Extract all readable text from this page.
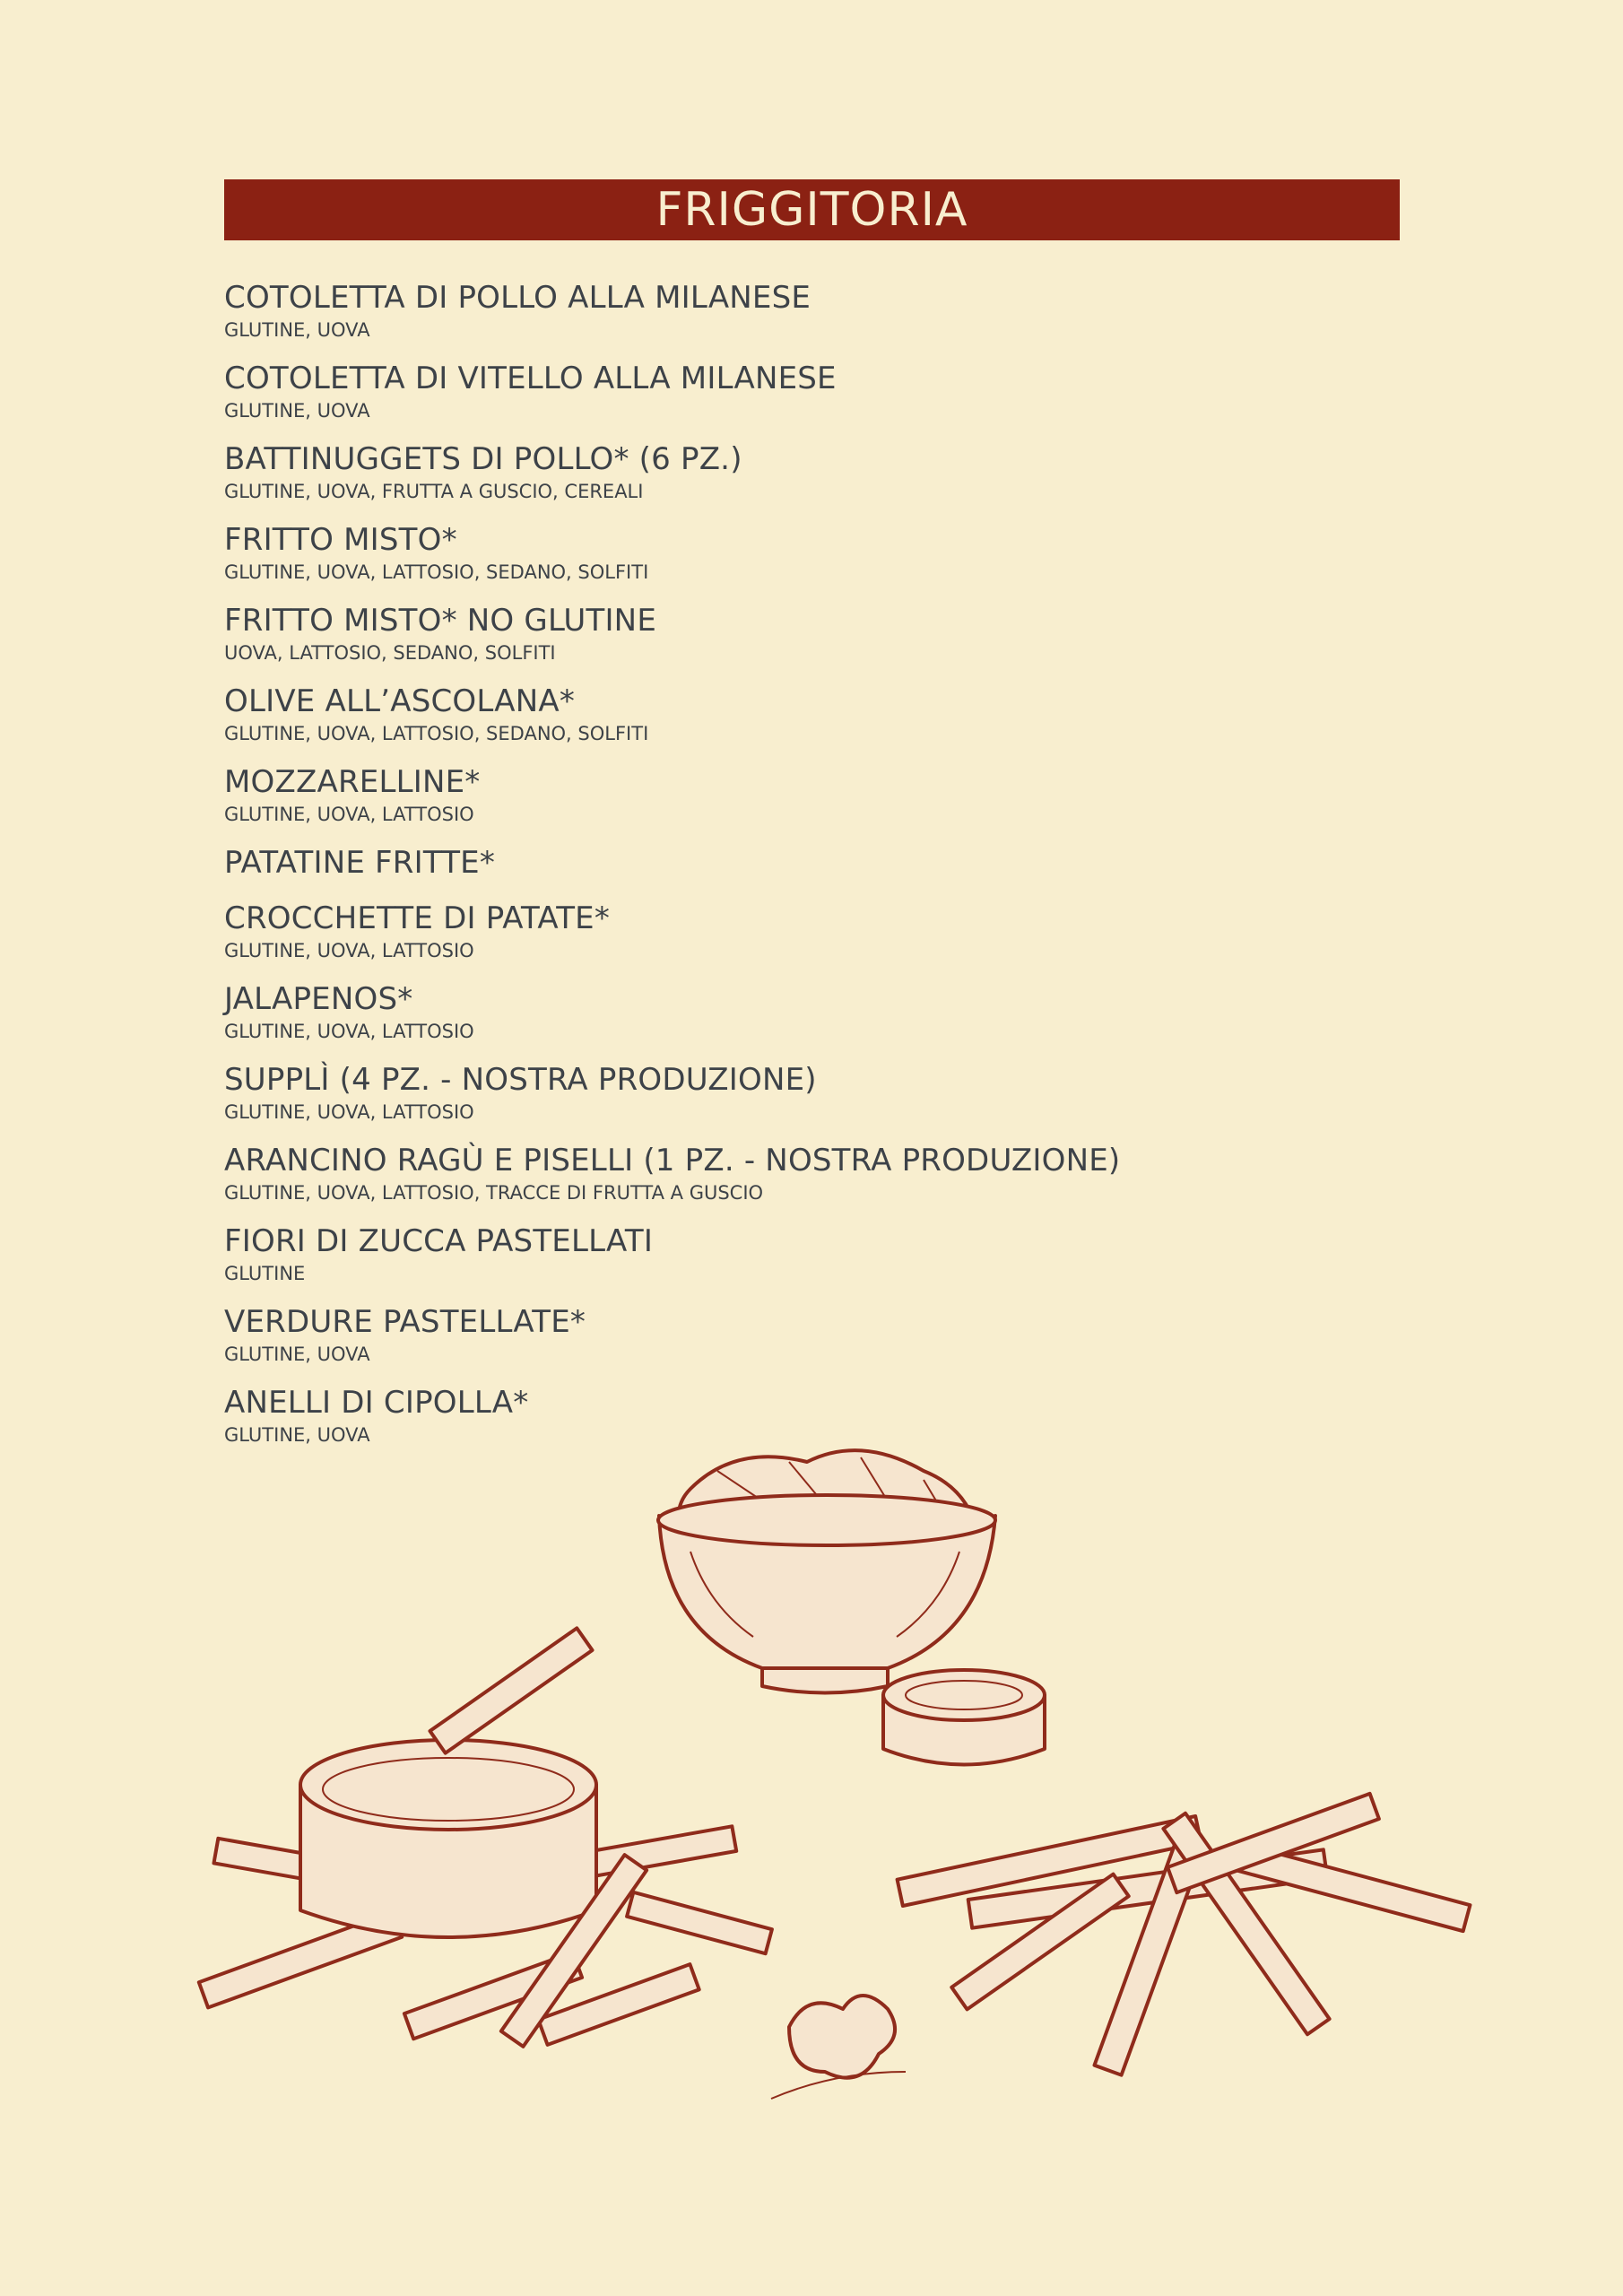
FRIGGITORIA
COTOLETTA DI POLLO ALLA MILANESE
GLUTINE, UOVA
COTOLETTA DI VITELLO ALLA MILANESE
GLUTINE, UOVA
BATTINUGGETS DI POLLO* (6 PZ.)
GLUTINE, UOVA, FRUTTA A GUSCIO, CEREALI
FRITTO MISTO*
GLUTINE, UOVA, LATTOSIO, SEDANO, SOLFITI
FRITTO MISTO* NO GLUTINE
UOVA, LATTOSIO, SEDANO, SOLFITI
OLIVE ALL’ASCOLANA*
GLUTINE, UOVA, LATTOSIO, SEDANO, SOLFITI
MOZZARELLINE*
GLUTINE, UOVA, LATTOSIO
PATATINE FRITTE*
CROCCHETTE DI PATATE*
GLUTINE, UOVA, LATTOSIO
JALAPENOS*
GLUTINE, UOVA, LATTOSIO
SUPPLÌ (4 PZ. - NOSTRA PRODUZIONE)
GLUTINE, UOVA, LATTOSIO
ARANCINO RAGÙ E PISELLI (1 PZ. - NOSTRA PRODUZIONE)
GLUTINE, UOVA, LATTOSIO, TRACCE DI FRUTTA A GUSCIO
FIORI DI ZUCCA PASTELLATI
GLUTINE
VERDURE PASTELLATE*
GLUTINE, UOVA
ANELLI DI CIPOLLA*
GLUTINE, UOVA
